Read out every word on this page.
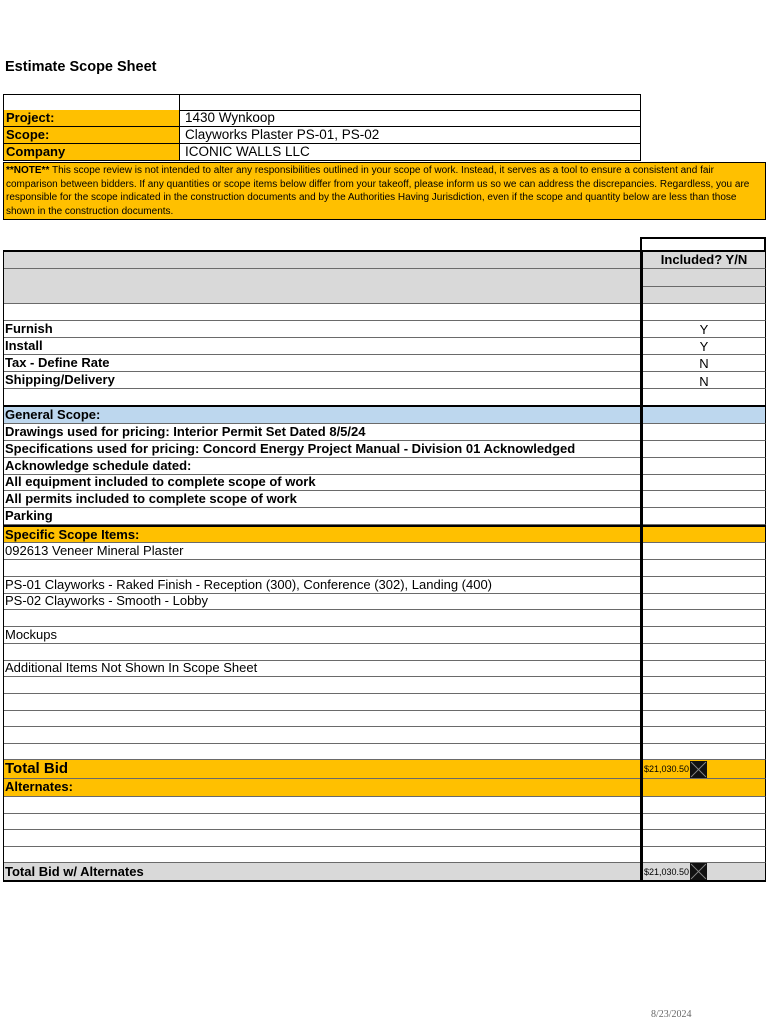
Estimate Scope Sheet
Project:	1430 Wynkoop
Scope:	Clayworks Plaster PS-01, PS-02
Company	ICONIC WALLS LLC
**NOTE** This scope review is not intended to alter any responsibilities outlined in your scope of work. Instead, it serves as a tool to ensure a consistent and fair comparison between bidders. If any quantities or scope items below differ from your takeoff, please inform us so we can address the discrepancies. Regardless, you are responsible for the scope indicated in the construction documents and by the Authorities Having Jurisdiction, even if the scope and quantity below are less than those shown in the construction documents.
Included? Y/N
Furnish	Y
Install	Y
Tax - Define Rate	N
Shipping/Delivery	N
General Scope:
Drawings used for pricing: Interior Permit Set Dated 8/5/24
Specifications used for pricing: Concord Energy Project Manual - Division 01 Acknowledged
Acknowledge schedule dated:
All equipment included to complete scope of work
All permits included to complete scope of work
Parking
Specific Scope Items:
092613 Veneer Mineral Plaster
PS-01 Clayworks - Raked Finish - Reception (300), Conference (302), Landing (400)
PS-02 Clayworks - Smooth - Lobby
Mockups
Additional Items Not Shown In Scope Sheet
Total Bid	$21,030.50
Alternates:
Total Bid w/ Alternates	$21,030.50
8/23/2024
